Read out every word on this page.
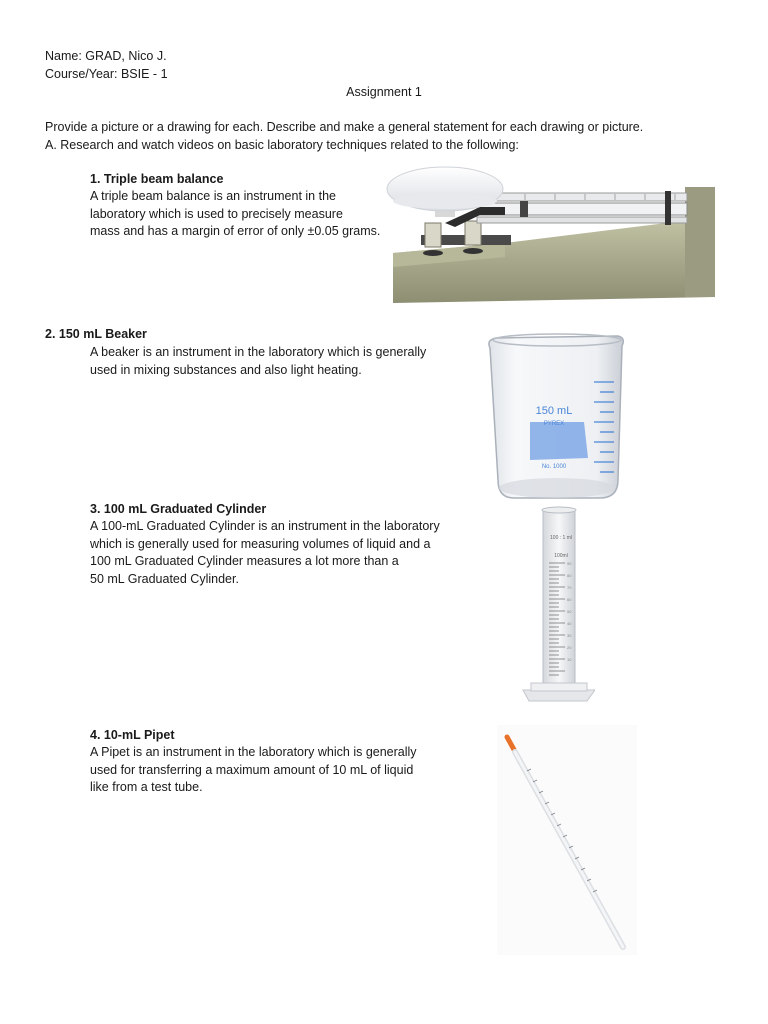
Name: GRAD, Nico J.
Course/Year: BSIE - 1
Assignment 1
Provide a picture or a drawing for each. Describe and make a general statement for each drawing or picture.
A. Research and watch videos on basic laboratory techniques related to the following:
1. Triple beam balance
A triple beam balance is an instrument in the
laboratory which is used to precisely measure
mass and has a margin of error of only ±0.05 grams.
2. 150 mL Beaker
A beaker is an instrument in the laboratory which is generally
used in mixing substances and also light heating.
150 mL
PYREX
No. 1000
3. 100 mL Graduated Cylinder
A 100-mL Graduated Cylinder is an instrument in the laboratory
which is generally used for measuring volumes of liquid and a
100 mL Graduated Cylinder measures a lot more than a
50 mL Graduated Cylinder.
100 : 1 ml
100ml
90
80
70
60
50
40
30
20
10
4. 10-mL Pipet
A Pipet is an instrument in the laboratory which is generally
used for transferring a maximum amount of 10 mL of liquid
like from a test tube.
